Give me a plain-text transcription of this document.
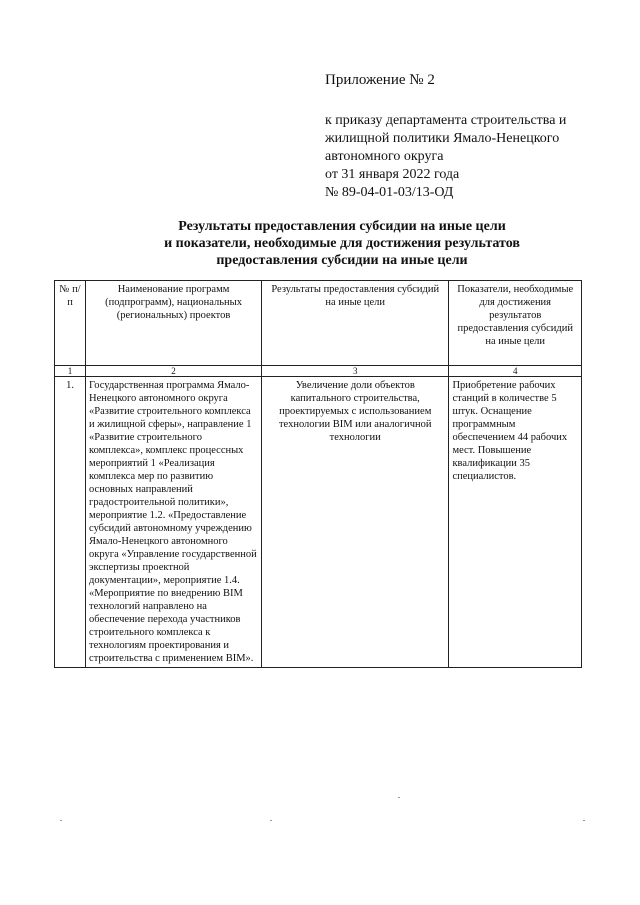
Приложение № 2
к приказу департамента строительства и
жилищной политики Ямало-Ненецкого
автономного округа
от 31 января 2022 года
№ 89-04-01-03/13-ОД
Результаты предоставления субсидии на иные цели
и показатели, необходимые для достижения результатов
предоставления субсидии на иные цели
№ п/п	Наименование программ (подпрограмм), национальных (региональных) проектов	Результаты предоставления субсидий на иные цели	Показатели, необходимые для достижения результатов предоставления субсидий на иные цели
1	2	3	4
1.	Государственная программа Ямало-Ненецкого автономного округа «Развитие строительного комплекса и жилищной сферы», направление 1 «Развитие строительного комплекса», комплекс процессных мероприятий 1 «Реализация комплекса мер по развитию основных направлений градостроительной политики», мероприятие 1.2. «Предоставление субсидий автономному учреждению Ямало-Ненецкого автономного округа «Управление государственной экспертизы проектной документации», мероприятие 1.4. «Мероприятие по внедрению BIM технологий направлено на обеспечение перехода участников строительного комплекса к технологиям проектирования и строительства с применением BIM».	Увеличение доли объектов капитального строительства, проектируемых с использованием технологии BIM или аналогичной технологии	Приобретение рабочих станций в количестве 5 штук. Оснащение программным обеспечением 44 рабочих мест. Повышение квалификации 35 специалистов.
